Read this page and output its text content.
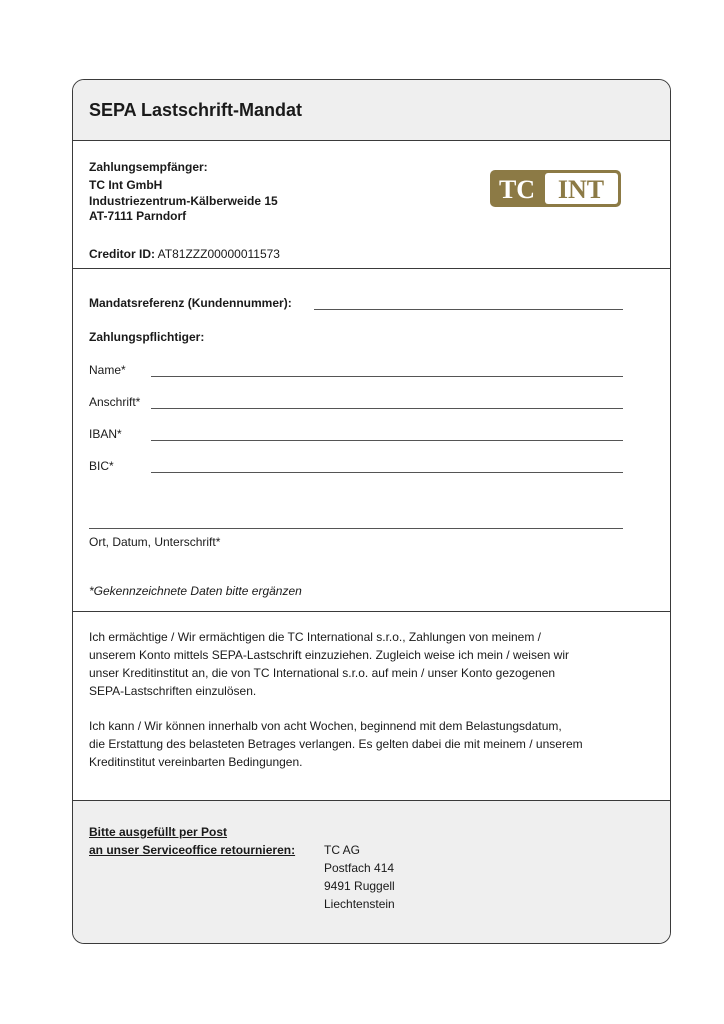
SEPA Lastschrift-Mandat
Zahlungsempfänger:
TC Int GmbH
Industriezentrum-Kälberweide 15
AT-7111 Parndorf
Creditor ID: AT81ZZZ00000011573
TC INT
Mandatsreferenz (Kundennummer):
Zahlungspflichtiger:
Name*
Anschrift*
IBAN*
BIC*
Ort, Datum, Unterschrift*
*Gekennzeichnete Daten bitte ergänzen

Ich ermächtige / Wir ermächtigen die TC International s.r.o., Zahlungen von meinem /
unserem Konto mittels SEPA-Lastschrift einzuziehen. Zugleich weise ich mein / weisen wir
unser Kreditinstitut an, die von TC International s.r.o. auf mein / unser Konto gezogenen
SEPA-Lastschriften einzulösen.

Ich kann / Wir können innerhalb von acht Wochen, beginnend mit dem Belastungsdatum,
die Erstattung des belasteten Betrages verlangen. Es gelten dabei die mit meinem / unserem
Kreditinstitut vereinbarten Bedingungen.

Bitte ausgefüllt per Post
an unser Serviceoffice retournieren: TC AG
Postfach 414
9491 Ruggell
Liechtenstein
